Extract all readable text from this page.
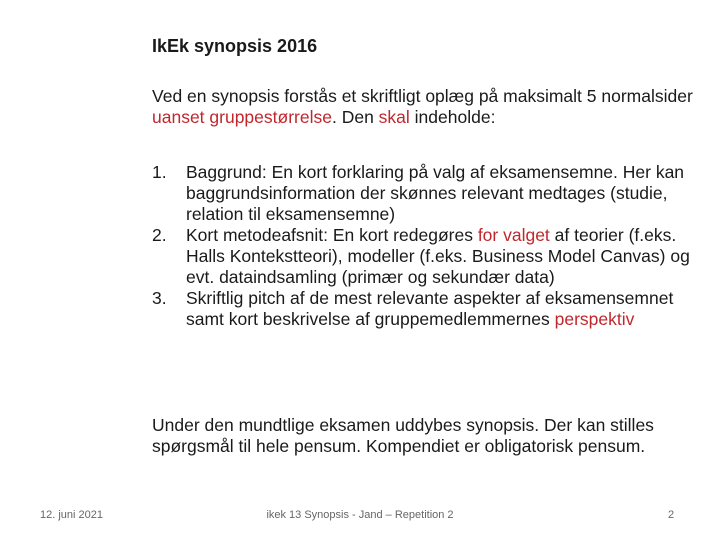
IkEk synopsis 2016

Ved en synopsis forstås et skriftligt oplæg på maksimalt 5 normalsider uanset gruppestørrelse. Den skal indeholde:

1. Baggrund: En kort forklaring på valg af eksamensemne. Her kan baggrundsinformation der skønnes relevant medtages (studie, relation til eksamensemne)
2. Kort metodeafsnit: En kort redegøres for valget af teorier (f.eks. Halls Kontekstteori), modeller (f.eks. Business Model Canvas) og evt. dataindsamling (primær og sekundær data)
3. Skriftlig pitch af de mest relevante aspekter af eksamensemnet samt kort beskrivelse af gruppemedlemmernes perspektiv

Under den mundtlige eksamen uddybes synopsis. Der kan stilles spørgsmål til hele pensum. Kompendiet er obligatorisk pensum.

12. juni 2021	ikek 13 Synopsis - Jand – Repetition 2	2
